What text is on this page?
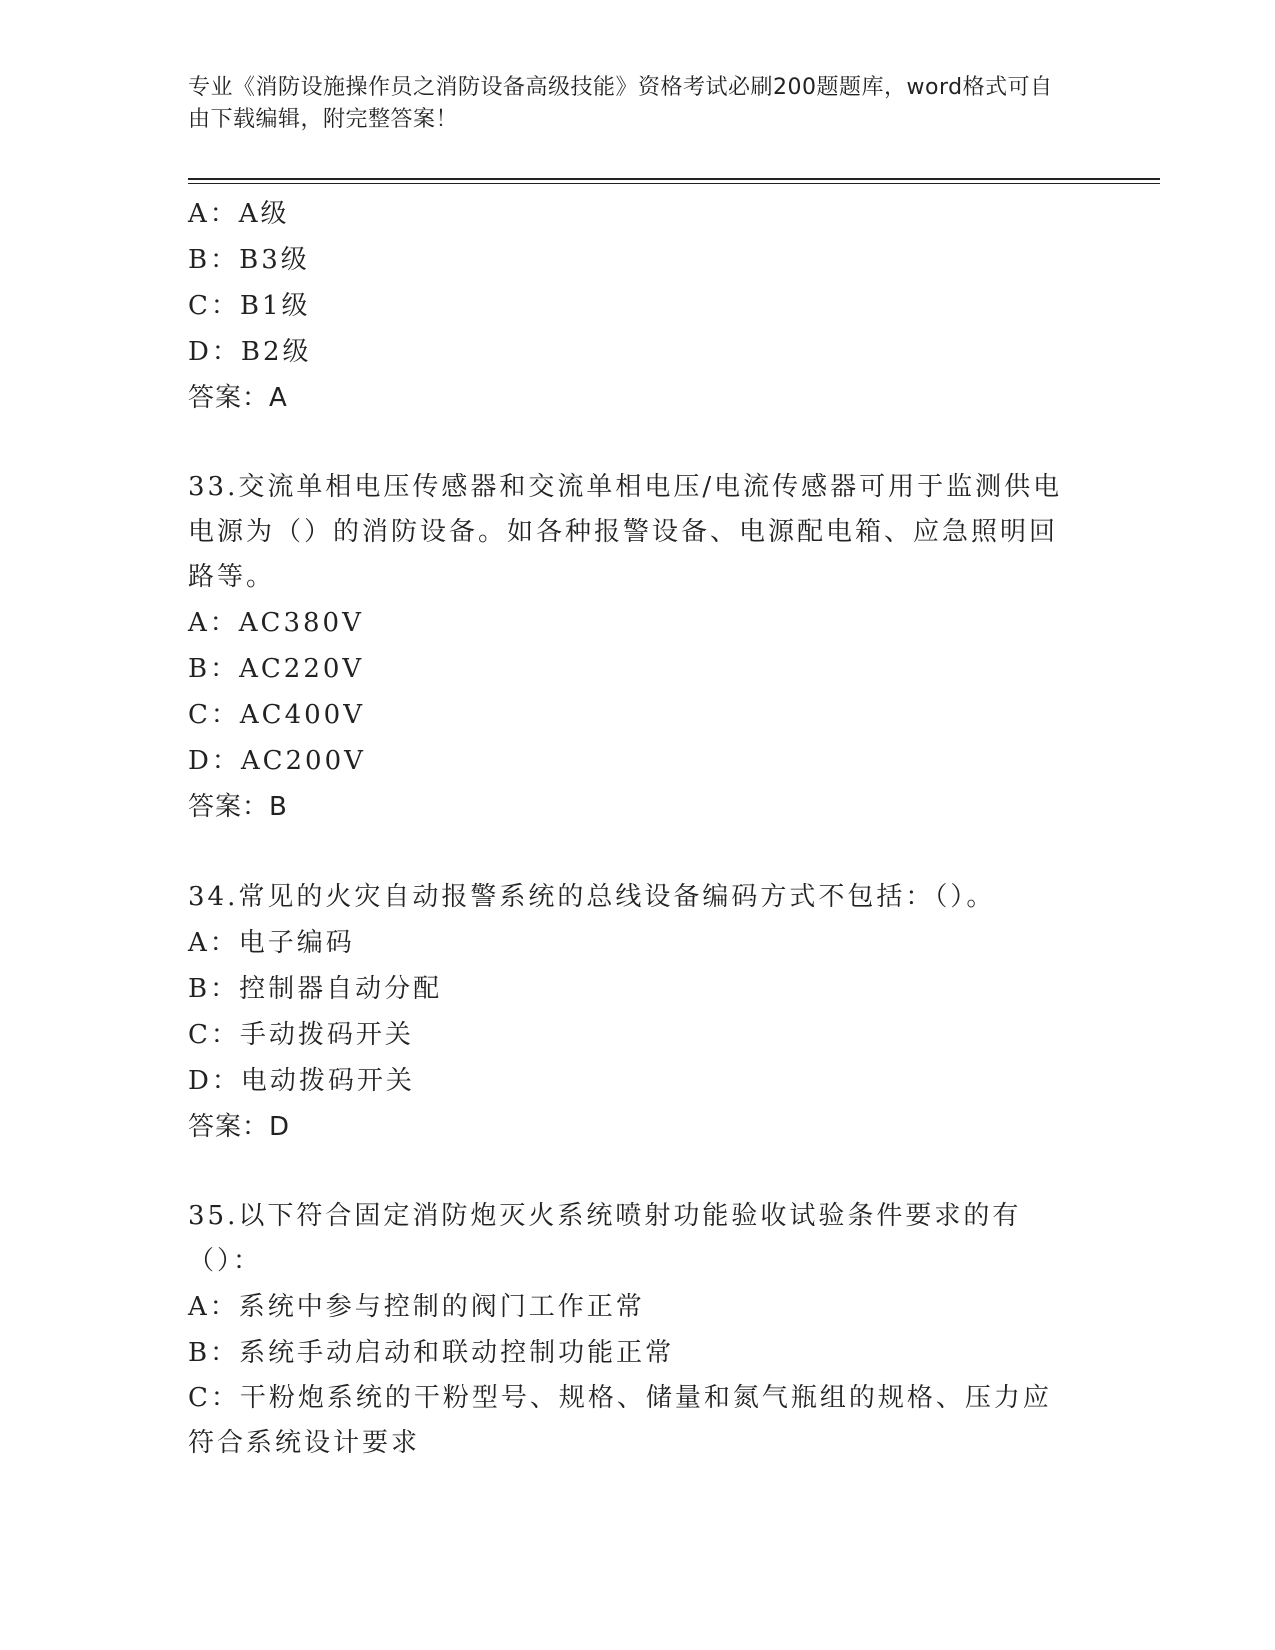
专业《消防设施操作员之消防设备高级技能》资格考试必刷200题题库，word格式可自由下载编辑，附完整答案！
A：A级
B：B3级
C：B1级
D：B2级
答案：A
33.交流单相电压传感器和交流单相电压/电流传感器可用于监测供电电源为（）的消防设备。如各种报警设备、电源配电箱、应急照明回路等。
A：AC380V
B：AC220V
C：AC400V
D：AC200V
答案：B
34.常见的火灾自动报警系统的总线设备编码方式不包括：（）。
A：电子编码
B：控制器自动分配
C：手动拨码开关
D：电动拨码开关
答案：D
35.以下符合固定消防炮灭火系统喷射功能验收试验条件要求的有（）：
A：系统中参与控制的阀门工作正常
B：系统手动启动和联动控制功能正常
C：干粉炮系统的干粉型号、规格、储量和氮气瓶组的规格、压力应符合系统设计要求
